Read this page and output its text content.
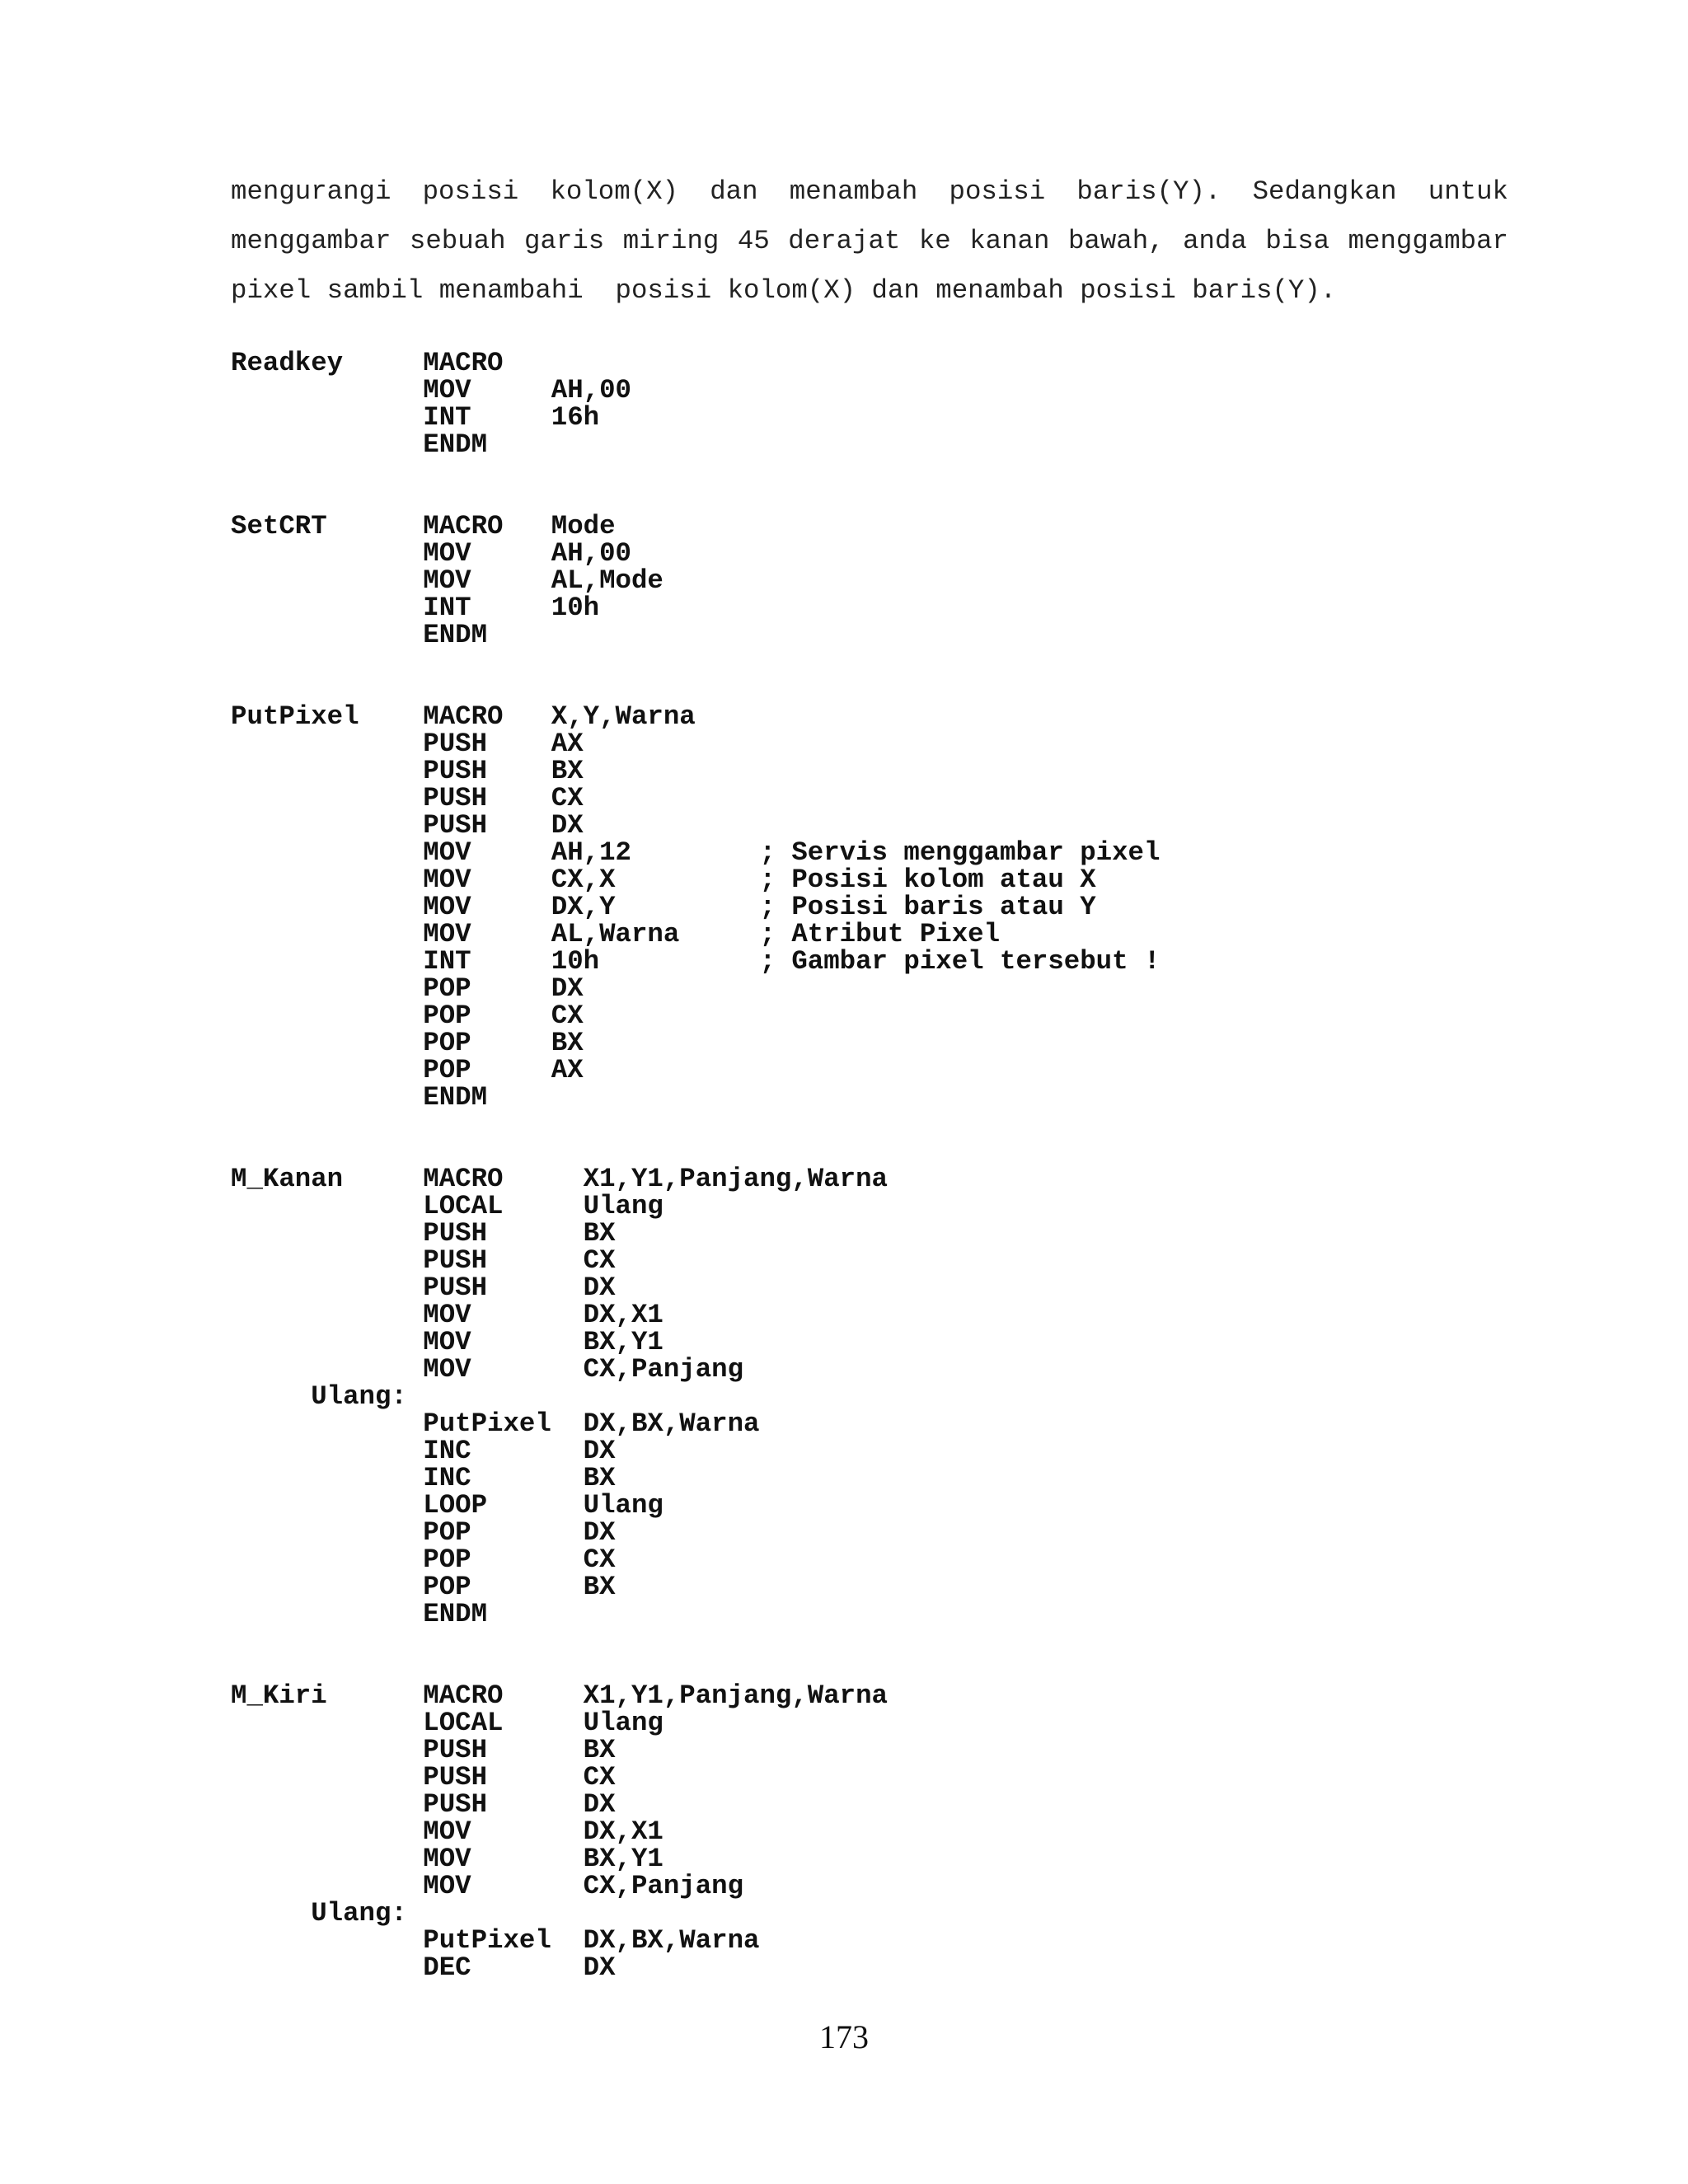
mengurangi posisi kolom(X) dan menambah posisi baris(Y). Sedangkan untuk
menggambar sebuah garis miring 45 derajat ke kanan bawah, anda bisa menggambar
pixel sambil menambahi  posisi kolom(X) dan menambah posisi baris(Y).
Readkey     MACRO
MOV     AH,00
INT     16h
ENDM

SetCRT      MACRO   Mode
MOV     AH,00
MOV     AL,Mode
INT     10h
ENDM

PutPixel    MACRO   X,Y,Warna
PUSH    AX
PUSH    BX
PUSH    CX
PUSH    DX
MOV     AH,12        ; Servis menggambar pixel
MOV     CX,X         ; Posisi kolom atau X
MOV     DX,Y         ; Posisi baris atau Y
MOV     AL,Warna     ; Atribut Pixel
INT     10h          ; Gambar pixel tersebut !
POP     DX
POP     CX
POP     BX
POP     AX
ENDM

M_Kanan     MACRO     X1,Y1,Panjang,Warna
LOCAL     Ulang
PUSH      BX
PUSH      CX
PUSH      DX
MOV       DX,X1
MOV       BX,Y1
MOV       CX,Panjang
Ulang:
PutPixel  DX,BX,Warna
INC       DX
INC       BX
LOOP      Ulang
POP       DX
POP       CX
POP       BX
ENDM

M_Kiri      MACRO     X1,Y1,Panjang,Warna
LOCAL     Ulang
PUSH      BX
PUSH      CX
PUSH      DX
MOV       DX,X1
MOV       BX,Y1
MOV       CX,Panjang
Ulang:
PutPixel  DX,BX,Warna
DEC       DX
173
